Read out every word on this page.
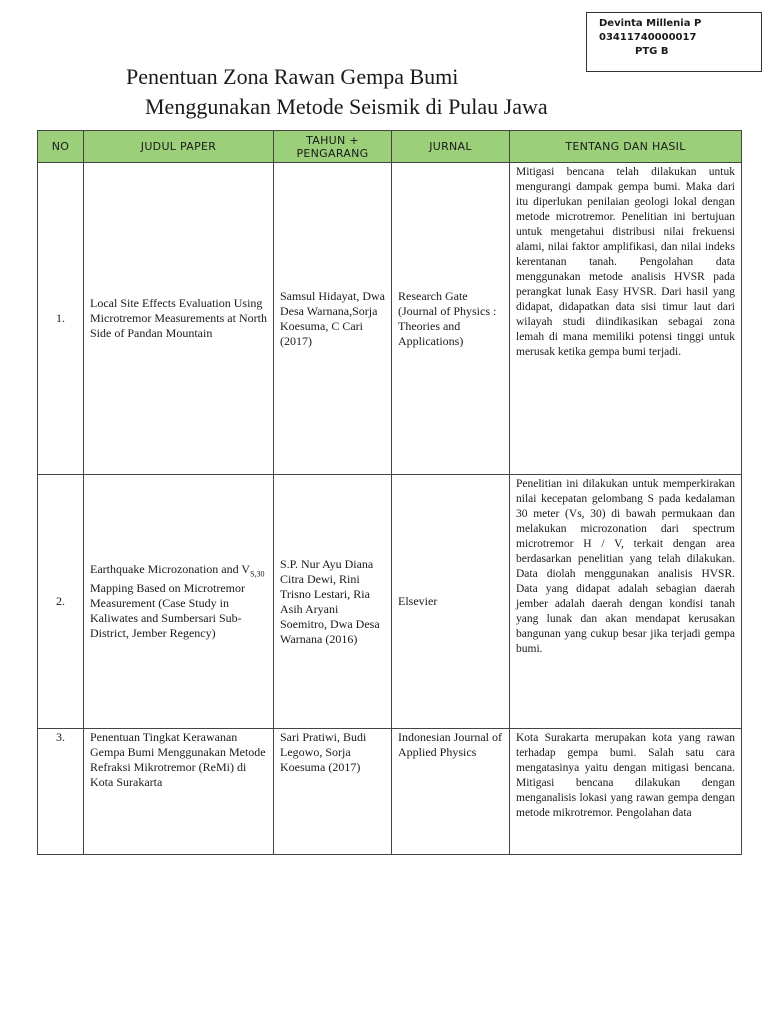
Devinta Millenia P
03411740000017
PTG B
Penentuan Zona Rawan Gempa Bumi
Menggunakan Metode Seismik di Pulau Jawa
NO	JUDUL PAPER	TAHUN + PENGARANG	JURNAL	TENTANG DAN HASIL
1.	Local Site Effects Evaluation Using Microtremor Measurements at North Side of Pandan Mountain	Samsul Hidayat, Dwa Desa Warnana,Sorja Koesuma, C Cari (2017)	Research Gate (Journal of Physics : Theories and Applications)	Mitigasi bencana telah dilakukan untuk mengurangi dampak gempa bumi. Maka dari itu diperlukan penilaian geologi lokal dengan metode microtremor. Penelitian ini bertujuan untuk mengetahui distribusi nilai frekuensi alami, nilai faktor amplifikasi, dan nilai indeks kerentanan tanah. Pengolahan data menggunakan metode analisis HVSR pada perangkat lunak Easy HVSR. Dari hasil yang didapat, didapatkan data sisi timur laut dari wilayah studi diindikasikan sebagai zona lemah di mana memiliki potensi tinggi untuk merusak ketika gempa bumi terjadi.
2.	Earthquake Microzonation and $V_{S,30}$ Mapping Based on Microtremor Measurement (Case Study in Kaliwates and Sumbersari Sub-District, Jember Regency)	S.P. Nur Ayu Diana Citra Dewi, Rini Trisno Lestari, Ria Asih Aryani Soemitro, Dwa Desa Warnana (2016)	Elsevier	Penelitian ini dilakukan untuk memperkirakan nilai kecepatan gelombang S pada kedalaman 30 meter (Vs, 30) di bawah permukaan dan melakukan microzonation dari spectrum microtremor H / V, terkait dengan area berdasarkan penelitian yang telah dilakukan. Data diolah menggunakan analisis HVSR. Data yang didapat adalah sebagian daerah jember adalah daerah dengan kondisi tanah yang lunak dan akan mendapat kerusakan bangunan yang cukup besar jika terjadi gempa bumi.
3.	Penentuan Tingkat Kerawanan Gempa Bumi Menggunakan Metode Refraksi Mikrotremor (ReMi) di Kota Surakarta	Sari Pratiwi, Budi Legowo, Sorja Koesuma (2017)	Indonesian Journal of Applied Physics	Kota Surakarta merupakan kota yang rawan terhadap gempa bumi. Salah satu cara mengatasinya yaitu dengan mitigasi bencana. Mitigasi bencana dilakukan dengan menganalisis lokasi yang rawan gempa dengan metode mikrotremor. Pengolahan data
